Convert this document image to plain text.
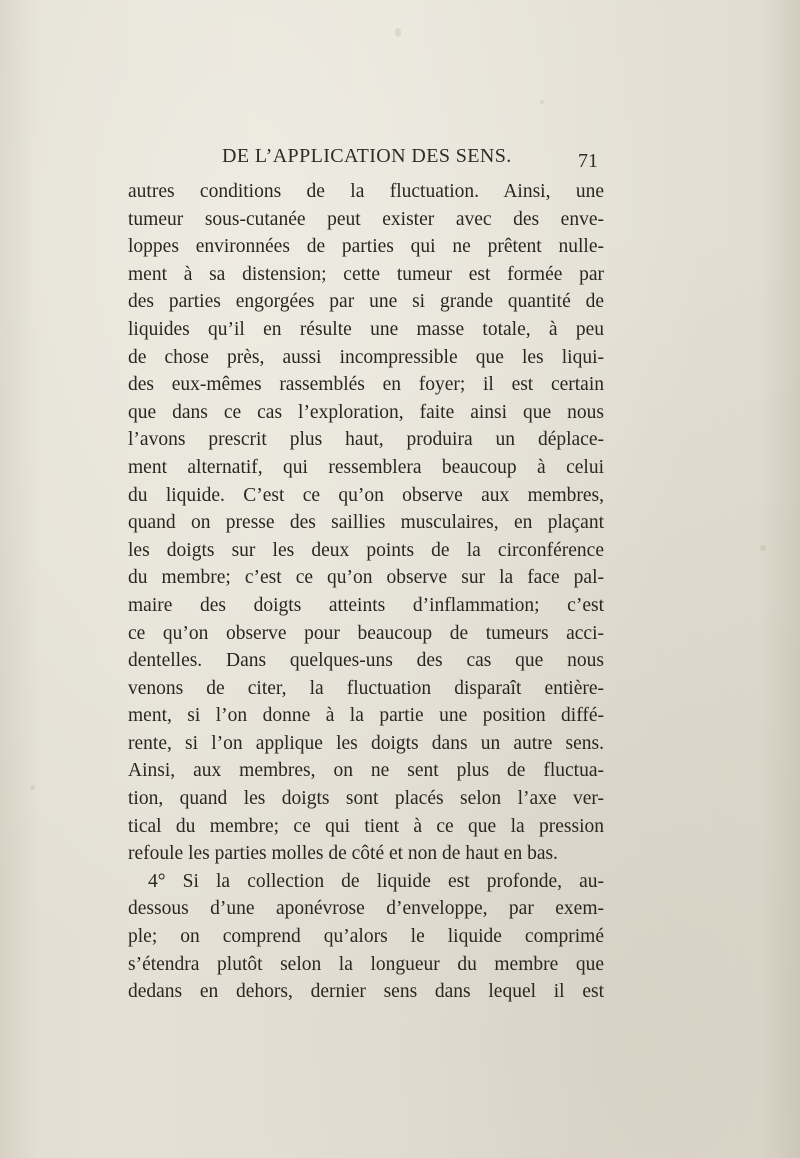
DE L’APPLICATION DES SENS.	71
autres conditions de la fluctuation. Ainsi, une
tumeur sous-cutanée peut exister avec des enve-
loppes environnées de parties qui ne prêtent nulle-
ment à sa distension; cette tumeur est formée par
des parties engorgées par une si grande quantité de
liquides qu’il en résulte une masse totale, à peu
de chose près, aussi incompressible que les liqui-
des eux-mêmes rassemblés en foyer; il est certain
que dans ce cas l’exploration, faite ainsi que nous
l’avons prescrit plus haut, produira un déplace-
ment alternatif, qui ressemblera beaucoup à celui
du liquide. C’est ce qu’on observe aux membres,
quand on presse des saillies musculaires, en plaçant
les doigts sur les deux points de la circonférence
du membre; c’est ce qu’on observe sur la face pal-
maire des doigts atteints d’inflammation; c’est
ce qu’on observe pour beaucoup de tumeurs acci-
dentelles. Dans quelques-uns des cas que nous
venons de citer, la fluctuation disparaît entière-
ment, si l’on donne à la partie une position diffé-
rente, si l’on applique les doigts dans un autre sens.
Ainsi, aux membres, on ne sent plus de fluctua-
tion, quand les doigts sont placés selon l’axe ver-
tical du membre; ce qui tient à ce que la pression
refoule les parties molles de côté et non de haut en bas.
4° Si la collection de liquide est profonde, au-
dessous d’une aponévrose d’enveloppe, par exem-
ple; on comprend qu’alors le liquide comprimé
s’étendra plutôt selon la longueur du membre que
dedans en dehors, dernier sens dans lequel il est
